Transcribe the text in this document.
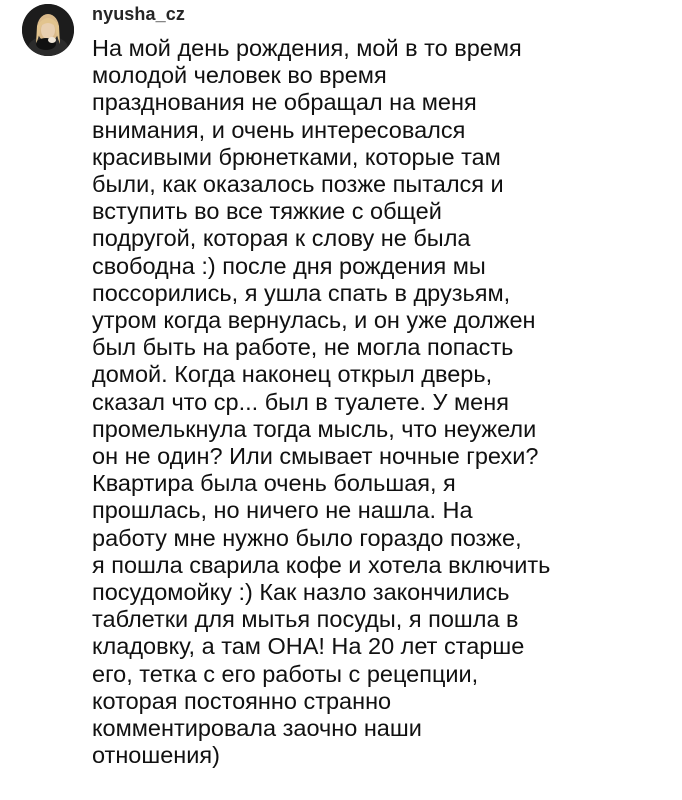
nyusha_cz

На мой день рождения, мой в то время
молодой человек во время
празднования не обращал на меня
внимания, и очень интересовался
красивыми брюнетками, которые там
были, как оказалось позже пытался и
вступить во все тяжкие с общей
подругой, которая к слову не была
свободна :) после дня рождения мы
поссорились, я ушла спать в друзьям,
утром когда вернулась, и он уже должен
был быть на работе, не могла попасть
домой. Когда наконец открыл дверь,
сказал что ср... был в туалете. У меня
промелькнула тогда мысль, что неужели
он не один? Или смывает ночные грехи?
Квартира была очень большая, я
прошлась, но ничего не нашла. На
работу мне нужно было гораздо позже,
я пошла сварила кофе и хотела включить
посудомойку :) Как назло закончились
таблетки для мытья посуды, я пошла в
кладовку, а там ОНА! На 20 лет старше
его, тетка с его работы с рецепции,
которая постоянно странно
комментировала заочно наши
отношения)
